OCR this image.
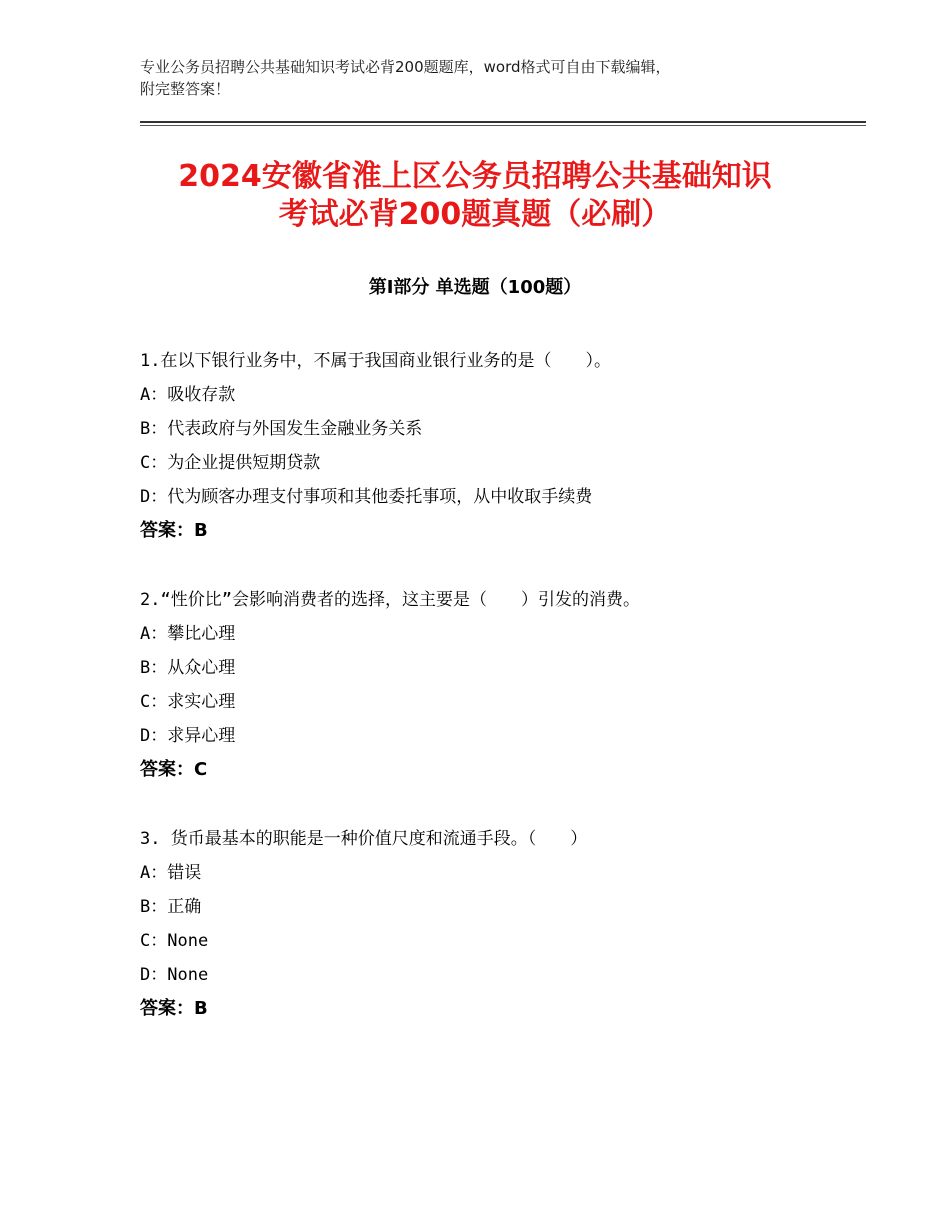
专业公务员招聘公共基础知识考试必背200题题库，word格式可自由下载编辑，
附完整答案！
2024安徽省淮上区公务员招聘公共基础知识
考试必背200题真题（必刷）
第Ⅰ部分 单选题（100题）
1.在以下银行业务中，不属于我国商业银行业务的是（　　）。
A：吸收存款
B：代表政府与外国发生金融业务关系
C：为企业提供短期贷款
D：代为顾客办理支付事项和其他委托事项，从中收取手续费
答案：B
2.“性价比”会影响消费者的选择，这主要是（　　）引发的消费。
A：攀比心理
B：从众心理
C：求实心理
D：求异心理
答案：C
3. 货币最基本的职能是一种价值尺度和流通手段。（　　）
A：错误
B：正确
C：None
D：None
答案：B
